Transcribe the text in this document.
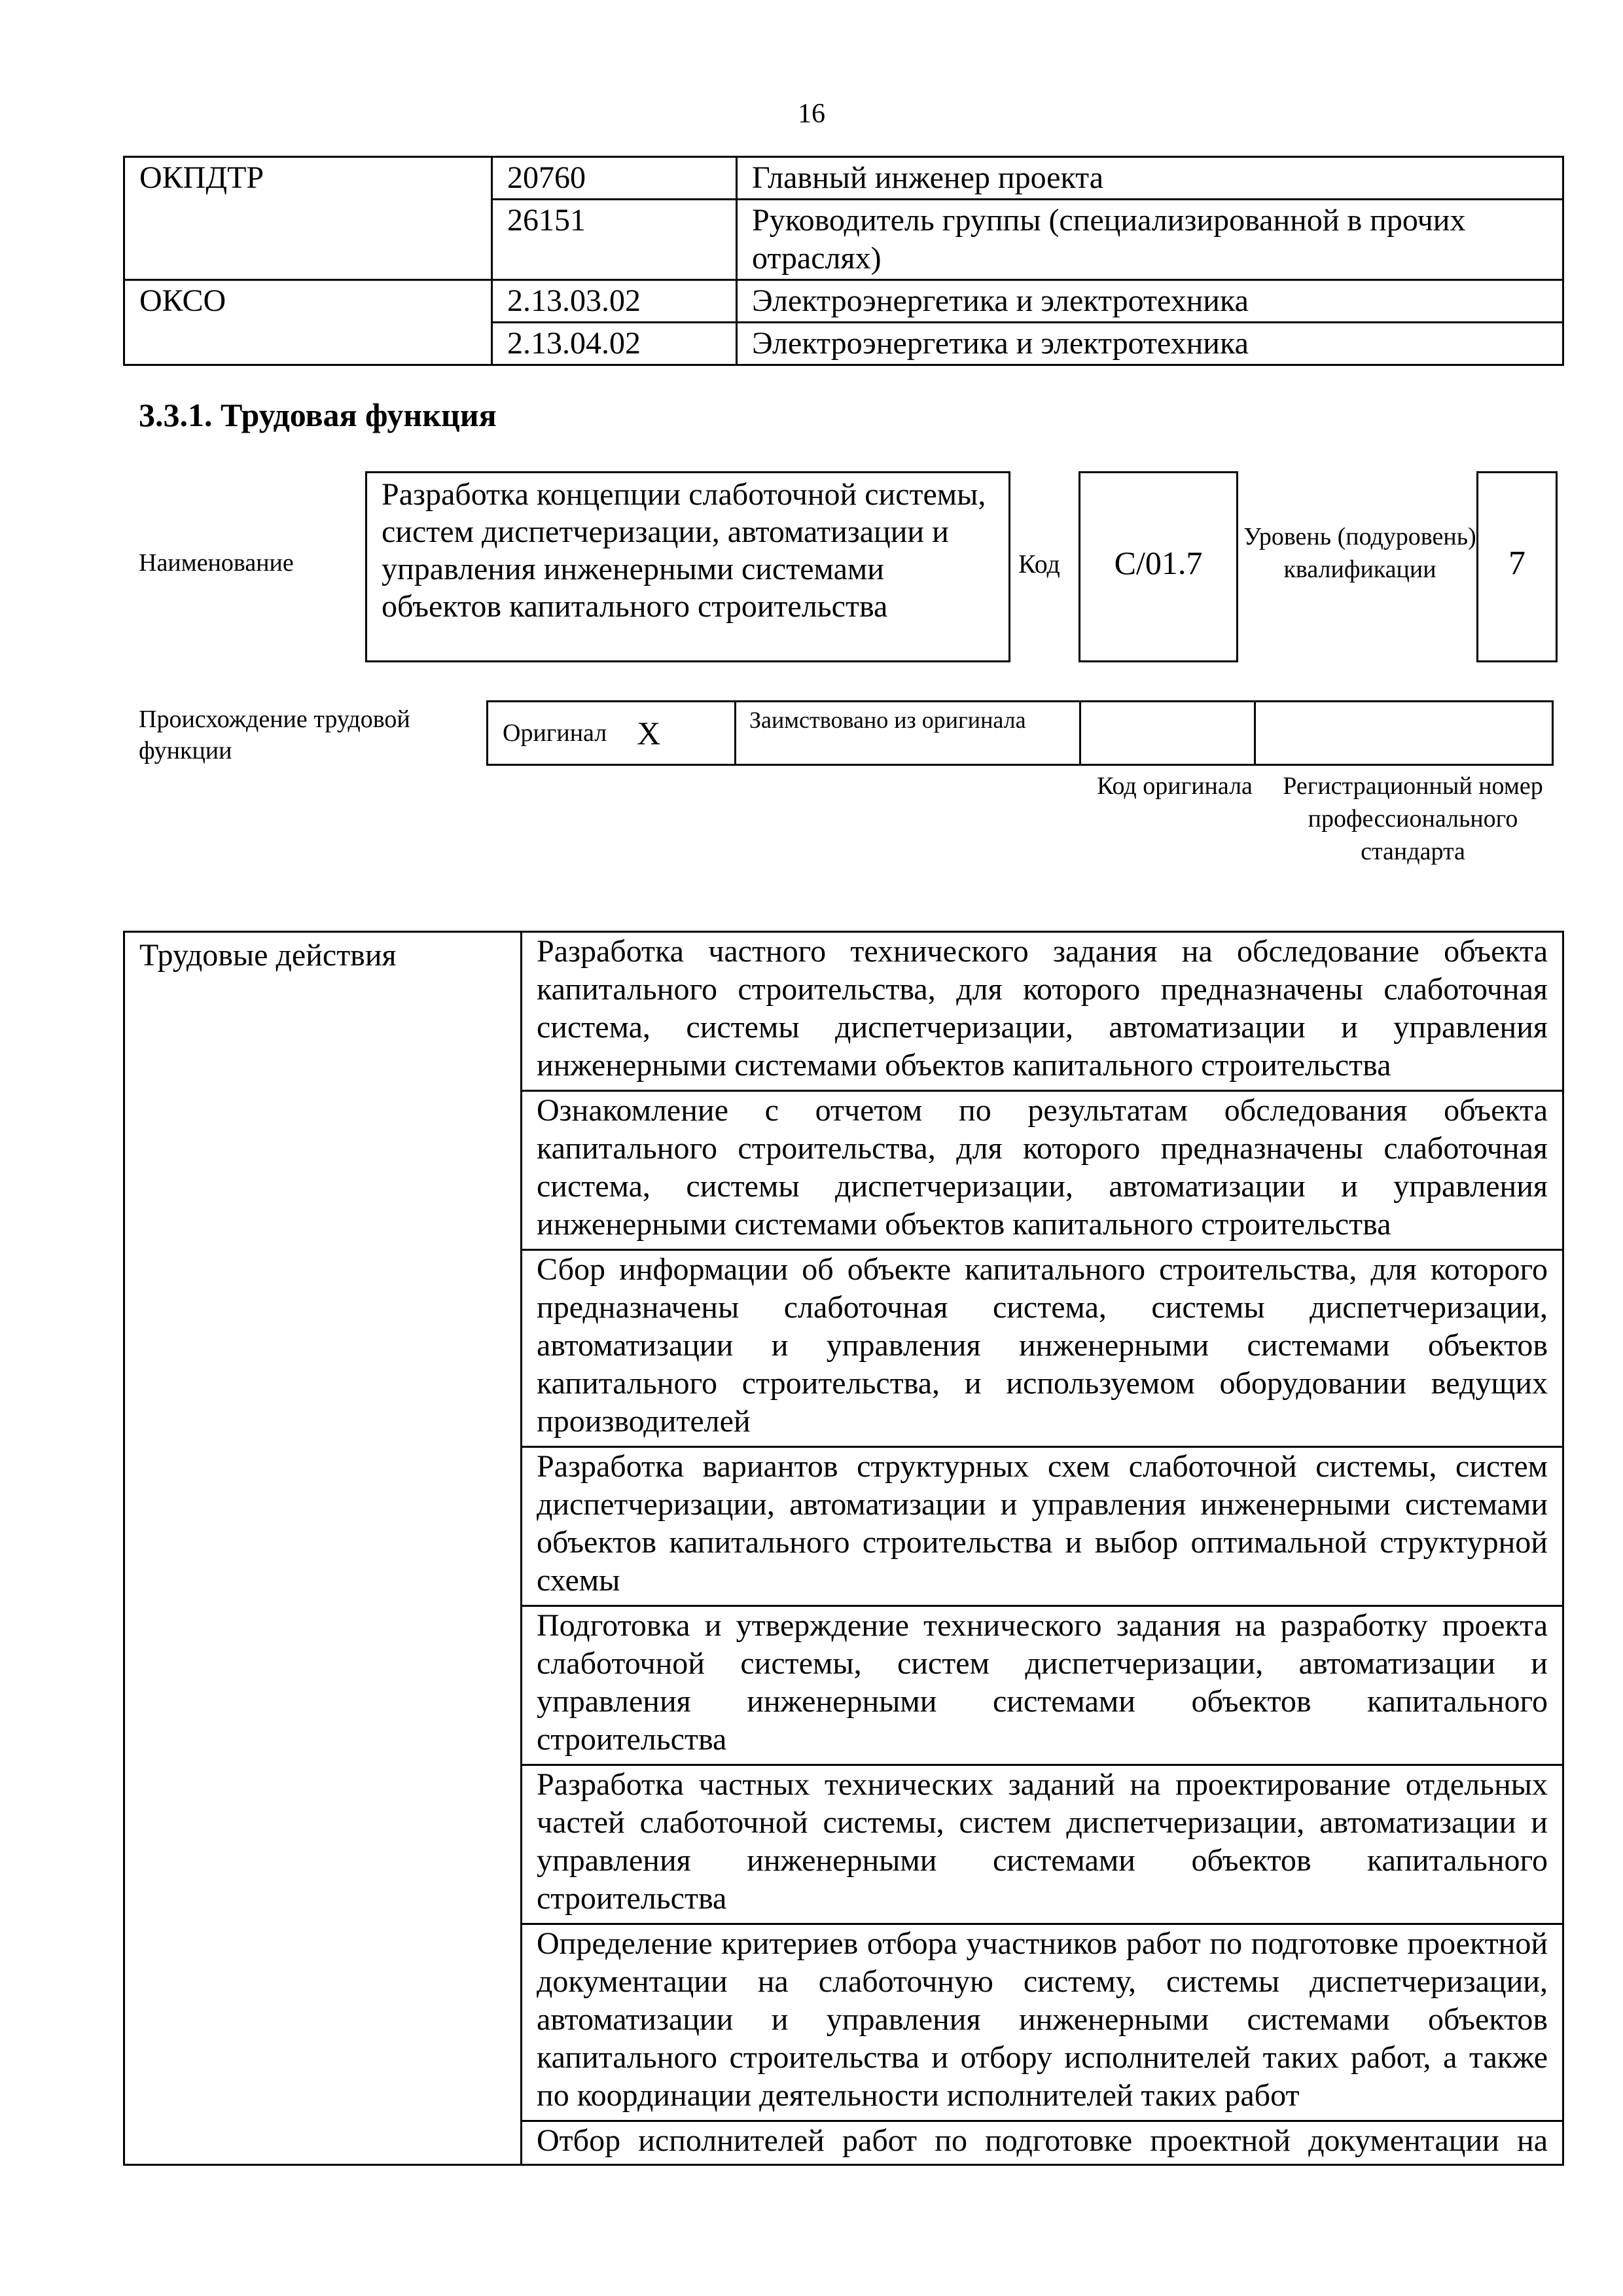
16
ОКПДТР	20760	Главный инженер проекта
	26151	Руководитель группы (специализированной в прочих отраслях)
ОКСО	2.13.03.02	Электроэнергетика и электротехника
	2.13.04.02	Электроэнергетика и электротехника
3.3.1. Трудовая функция
Наименование
Разработка концепции слаботочной системы, систем диспетчеризации, автоматизации и управления инженерными системами объектов капитального строительства
Код	С/01.7
Уровень (подуровень) квалификации	7
Происхождение трудовой функции
Оригинал X	Заимствовано из оригинала
Код оригинала	Регистрационный номер профессионального стандарта
Трудовые действия	Разработка частного технического задания на обследование объекта капитального строительства, для которого предназначены слаботочная система, системы диспетчеризации, автоматизации и управления инженерными системами объектов капитального строительства
Ознакомление с отчетом по результатам обследования объекта капитального строительства, для которого предназначены слаботочная система, системы диспетчеризации, автоматизации и управления инженерными системами объектов капитального строительства
Сбор информации об объекте капитального строительства, для которого предназначены слаботочная система, системы диспетчеризации, автоматизации и управления инженерными системами объектов капитального строительства, и используемом оборудовании ведущих производителей
Разработка вариантов структурных схем слаботочной системы, систем диспетчеризации, автоматизации и управления инженерными системами объектов капитального строительства и выбор оптимальной структурной схемы
Подготовка и утверждение технического задания на разработку проекта слаботочной системы, систем диспетчеризации, автоматизации и управления инженерными системами объектов капитального строительства
Разработка частных технических заданий на проектирование отдельных частей слаботочной системы, систем диспетчеризации, автоматизации и управления инженерными системами объектов капитального строительства
Определение критериев отбора участников работ по подготовке проектной документации на слаботочную систему, системы диспетчеризации, автоматизации и управления инженерными системами объектов капитального строительства и отбору исполнителей таких работ, а также по координации деятельности исполнителей таких работ
Отбор исполнителей работ по подготовке проектной документации на
